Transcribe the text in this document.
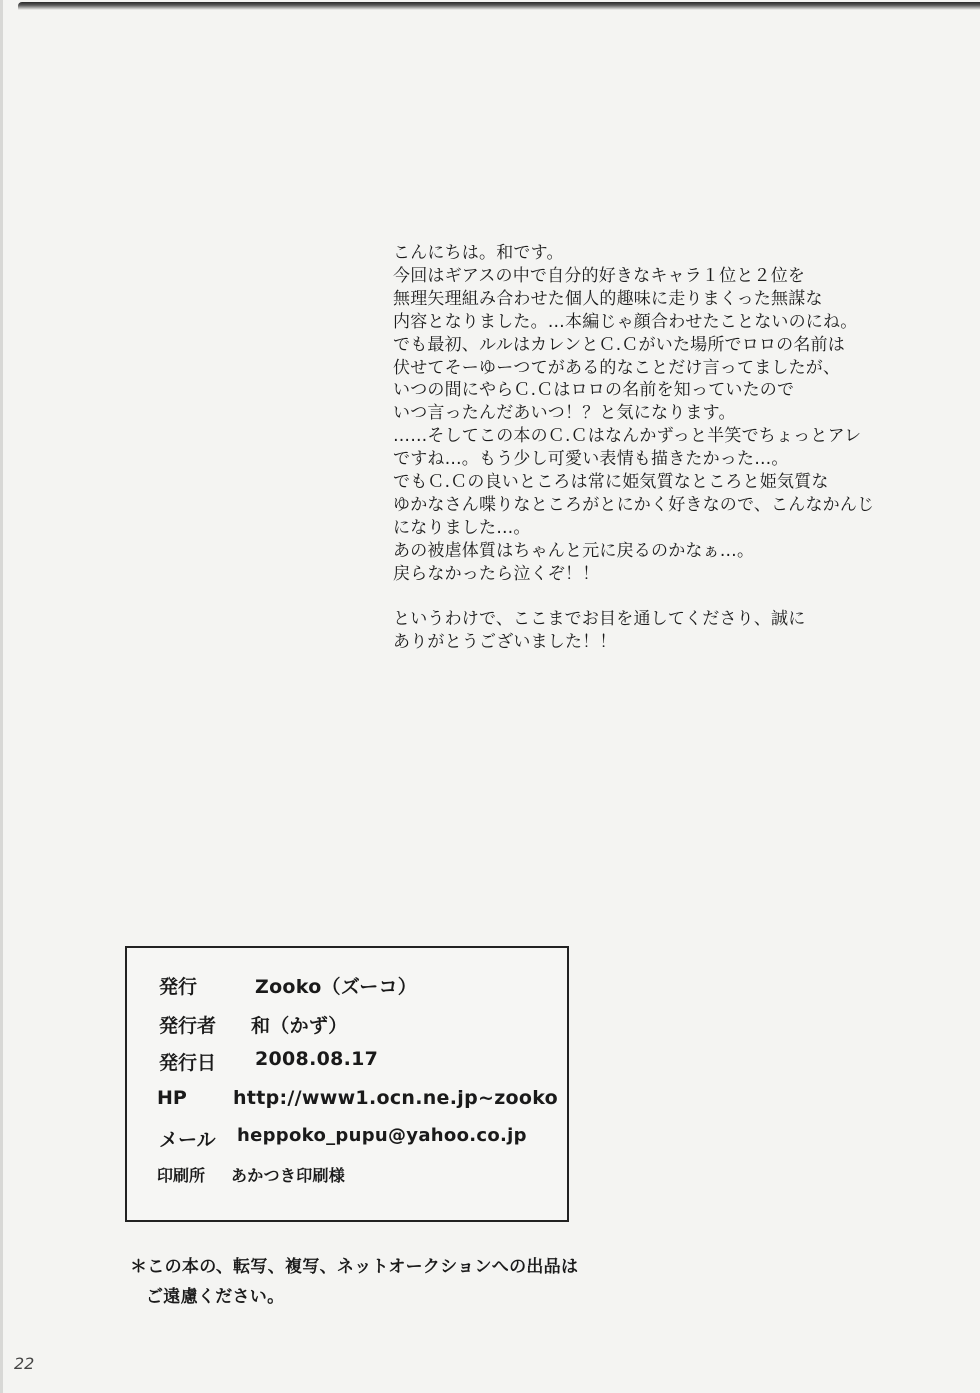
こんにちは。和です。
今回はギアスの中で自分的好きなキャラ１位と２位を
無理矢理組み合わせた個人的趣味に走りまくった無謀な
内容となりました。…本編じゃ顔合わせたことないのにね。
でも最初、ルルはカレンとＣ.Ｃがいた場所でロロの名前は
伏せてそーゆーつてがある的なことだけ言ってましたが、
いつの間にやらＣ.Ｃはロロの名前を知っていたので
いつ言ったんだあいつ！？と気になります。
……そしてこの本のＣ.Ｃはなんかずっと半笑でちょっとアレ
ですね…。もう少し可愛い表情も描きたかった…。
でもＣ.Ｃの良いところは常に姫気質なところと姫気質な
ゆかなさん喋りなところがとにかく好きなので、こんなかんじ
になりました…。
あの被虐体質はちゃんと元に戻るのかなぁ…。
戻らなかったら泣くぞ！！
というわけで、ここまでお目を通してくださり、誠に
ありがとうございました！！
発行	Zooko（ズーコ）
発行者 和（かず）
発行日 2008.08.17
HP http://www1.ocn.ne.jp~zooko
メール heppoko_pupu@yahoo.co.jp
印刷所 あかつき印刷様
＊この本の、転写、複写、ネットオークションへの出品は
ご遠慮ください。
22
